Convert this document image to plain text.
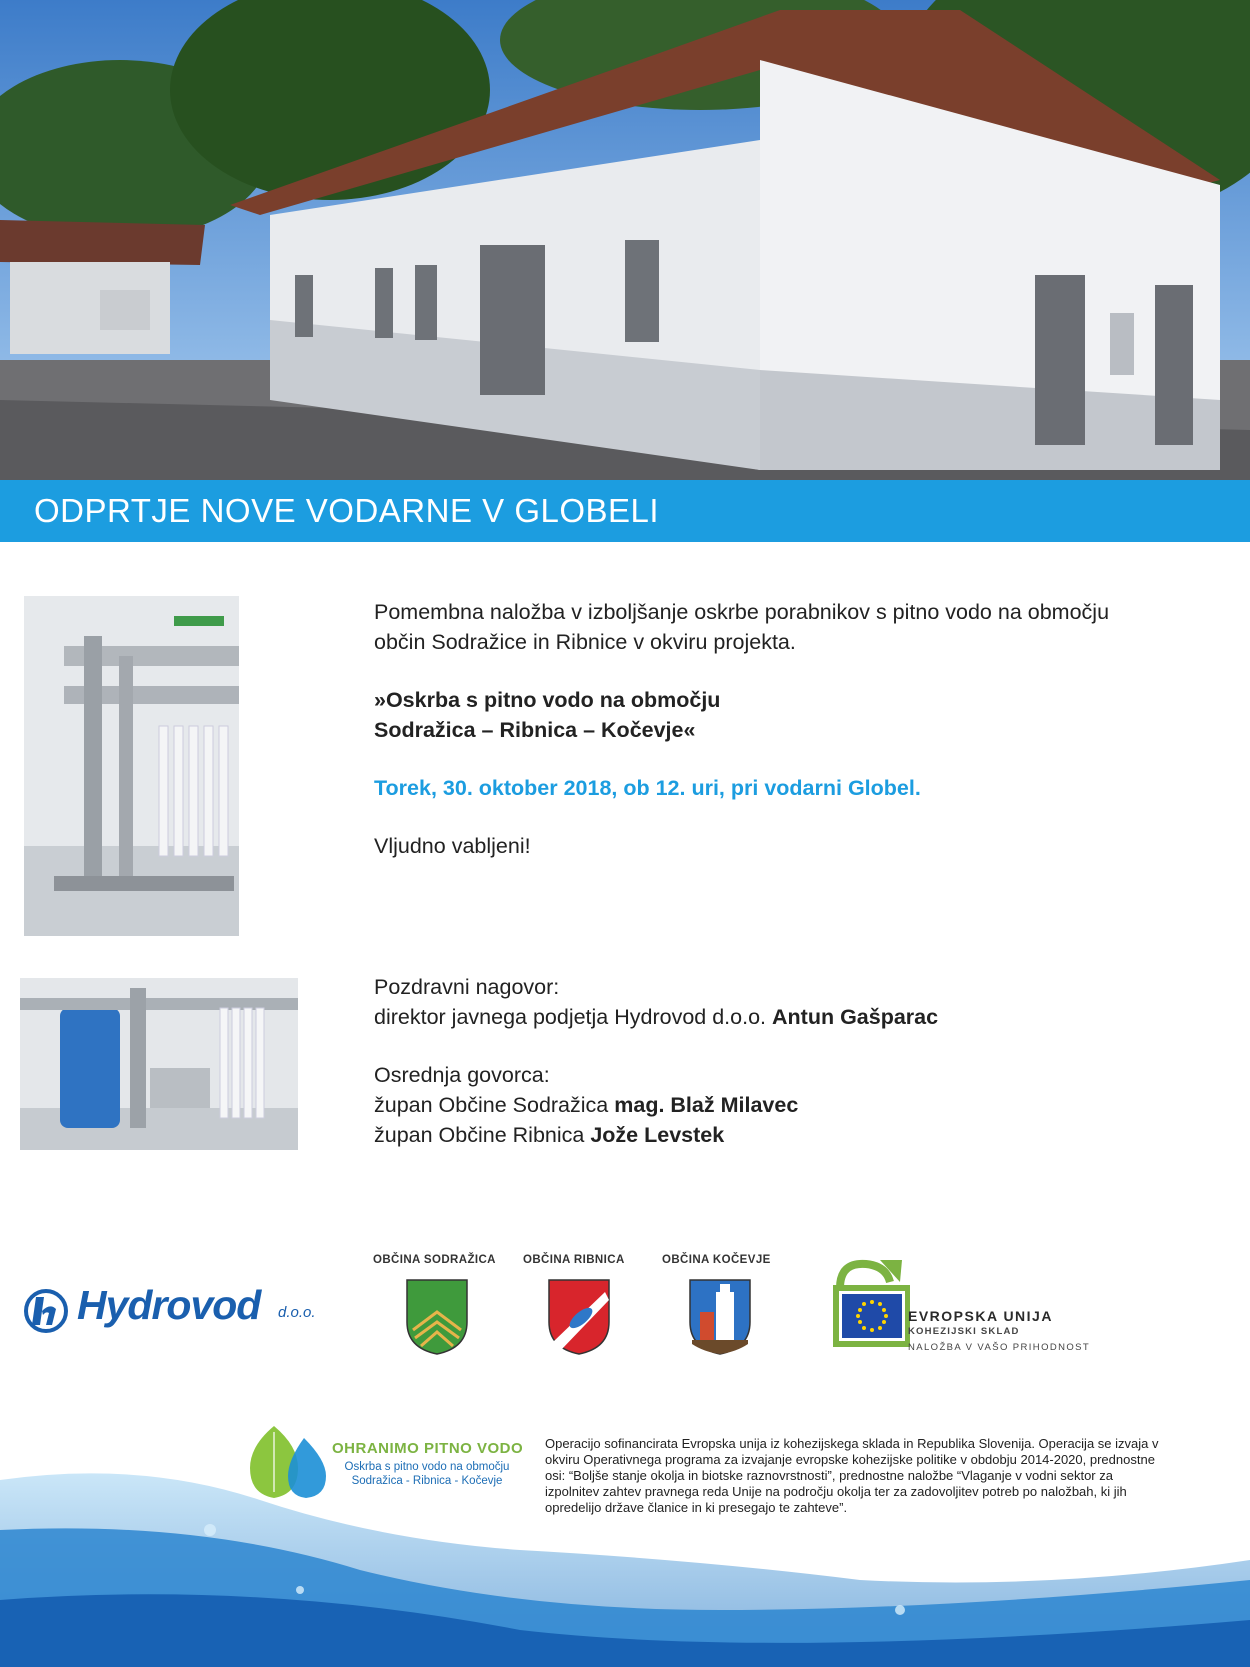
ODPRTJE NOVE VODARNE V GLOBELI

Pomembna naložba v izboljšanje oskrbe porabnikov s pitno vodo na območju občin Sodražice in Ribnice v okviru projekta.

»Oskrba s pitno vodo na območju
Sodražica – Ribnica – Kočevje«

Torek, 30. oktober 2018, ob 12. uri, pri vodarni Globel.

Vljudno vabljeni!

Pozdravni nagovor:

direktor javnega podjetja Hydrovod d.o.o. Antun Gašparac

Osrednja govorca:

župan Občine Sodražica mag. Blaž Milavec

župan Občine Ribnica Jože Levstek

Hydrovod d.o.o.
OBČINA SODRAŽICA OBČINA RIBNICA	OBČINA KOČEVJE
EVROPSKA UNIJA
KOHEZIJSKI SKLAD
NALOŽBA V VAŠO PRIHODNOST
OHRANIMO PITNO VODO
Oskrba s pitno vodo na območju
Sodražica - Ribnica - Kočevje

Operacijo sofinancirata Evropska unija iz kohezijskega sklada in Republika Slovenija. Operacija se izvaja v okviru Operativnega programa za izvajanje evropske kohezijske politike v obdobju 2014-2020, prednostne osi: “Boljše stanje okolja in biotske raznovrstnosti”, prednostne naložbe “Vlaganje v vodni sektor za izpolnitev zahtev pravnega reda Unije na področju okolja ter za zadovoljitev potreb po naložbah, ki jih opredelijo države članice in ki presegajo te zahteve”.
